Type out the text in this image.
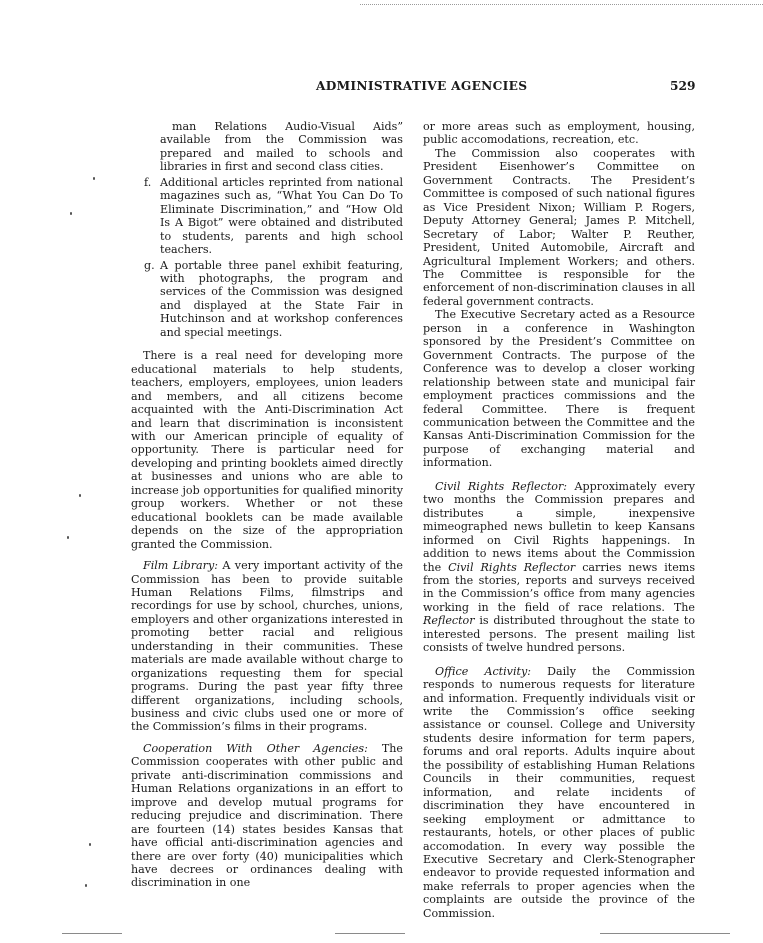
ADMINISTRATIVE AGENCIES	529

man Relations Audio-Visual Aids” available from the Commission was prepared and mailed to schools and libraries in first and second class cities.

f. Additional articles reprinted from national magazines such as, “What You Can Do To Eliminate Discrimination,” and “How Old Is A Bigot” were obtained and distributed to students, parents and high school teachers.
g. A portable three panel exhibit featuring, with photographs, the program and services of the Commission was designed and displayed at the State Fair in Hutchinson and at workshop conferences and special meetings.

There is a real need for developing more educational materials to help students, teachers, employers, employees, union leaders and members, and all citizens become acquainted with the Anti-Discrimination Act and learn that discrimination is inconsistent with our American principle of equality of opportunity. There is particular need for developing and printing booklets aimed directly at businesses and unions who are able to increase job opportunities for qualified minority group workers. Whether or not these educational booklets can be made available depends on the size of the appropriation granted the Commission.

Film Library: A very important activity of the Commission has been to provide suitable Human Relations Films, filmstrips and recordings for use by school, churches, unions, employers and other organizations interested in promoting better racial and religious understanding in their communities. These materials are made available without charge to organizations requesting them for special programs. During the past year fifty three different organizations, including schools, business and civic clubs used one or more of the Commission’s films in their programs.

Cooperation With Other Agencies: The Commission cooperates with other public and private anti-discrimination commissions and Human Relations organizations in an effort to improve and develop mutual programs for reducing prejudice and discrimination. There are fourteen (14) states besides Kansas that have official anti-discrimination agencies and there are over forty (40) municipalities which have decrees or ordinances dealing with discrimination in one

or more areas such as employment, housing, public accomodations, recreation, etc.

The Commission also cooperates with President Eisenhower’s Committee on Government Contracts. The President’s Committee is composed of such national figures as Vice President Nixon; William P. Rogers, Deputy Attorney General; James P. Mitchell, Secretary of Labor; Walter P. Reuther, President, United Automobile, Aircraft and Agricultural Implement Workers; and others. The Committee is responsible for the enforcement of non-discrimination clauses in all federal government contracts.

The Executive Secretary acted as a Resource person in a conference in Washington sponsored by the President’s Committee on Government Contracts. The purpose of the Conference was to develop a closer working relationship between state and municipal fair employment practices commissions and the federal Committee. There is frequent communication between the Committee and the Kansas Anti-Discrimination Commission for the purpose of exchanging material and information.

Civil Rights Reflector: Approximately every two months the Commission prepares and distributes a simple, inexpensive mimeographed news bulletin to keep Kansans informed on Civil Rights happenings. In addition to news items about the Commission the Civil Rights Reflector carries news items from the stories, reports and surveys received in the Commission’s office from many agencies working in the field of race relations. The Reflector is distributed throughout the state to interested persons. The present mailing list consists of twelve hundred persons.

Office Activity: Daily the Commission responds to numerous requests for literature and information. Frequently individuals visit or write the Commission’s office seeking assistance or counsel. College and University students desire information for term papers, forums and oral reports. Adults inquire about the possibility of establishing Human Relations Councils in their communities, request information, and relate incidents of discrimination they have encountered in seeking employment or admittance to restaurants, hotels, or other places of public accomodation. In every way possible the Executive Secretary and Clerk-Stenographer endeavor to provide requested information and make referrals to proper agencies when the complaints are outside the province of the Commission.
